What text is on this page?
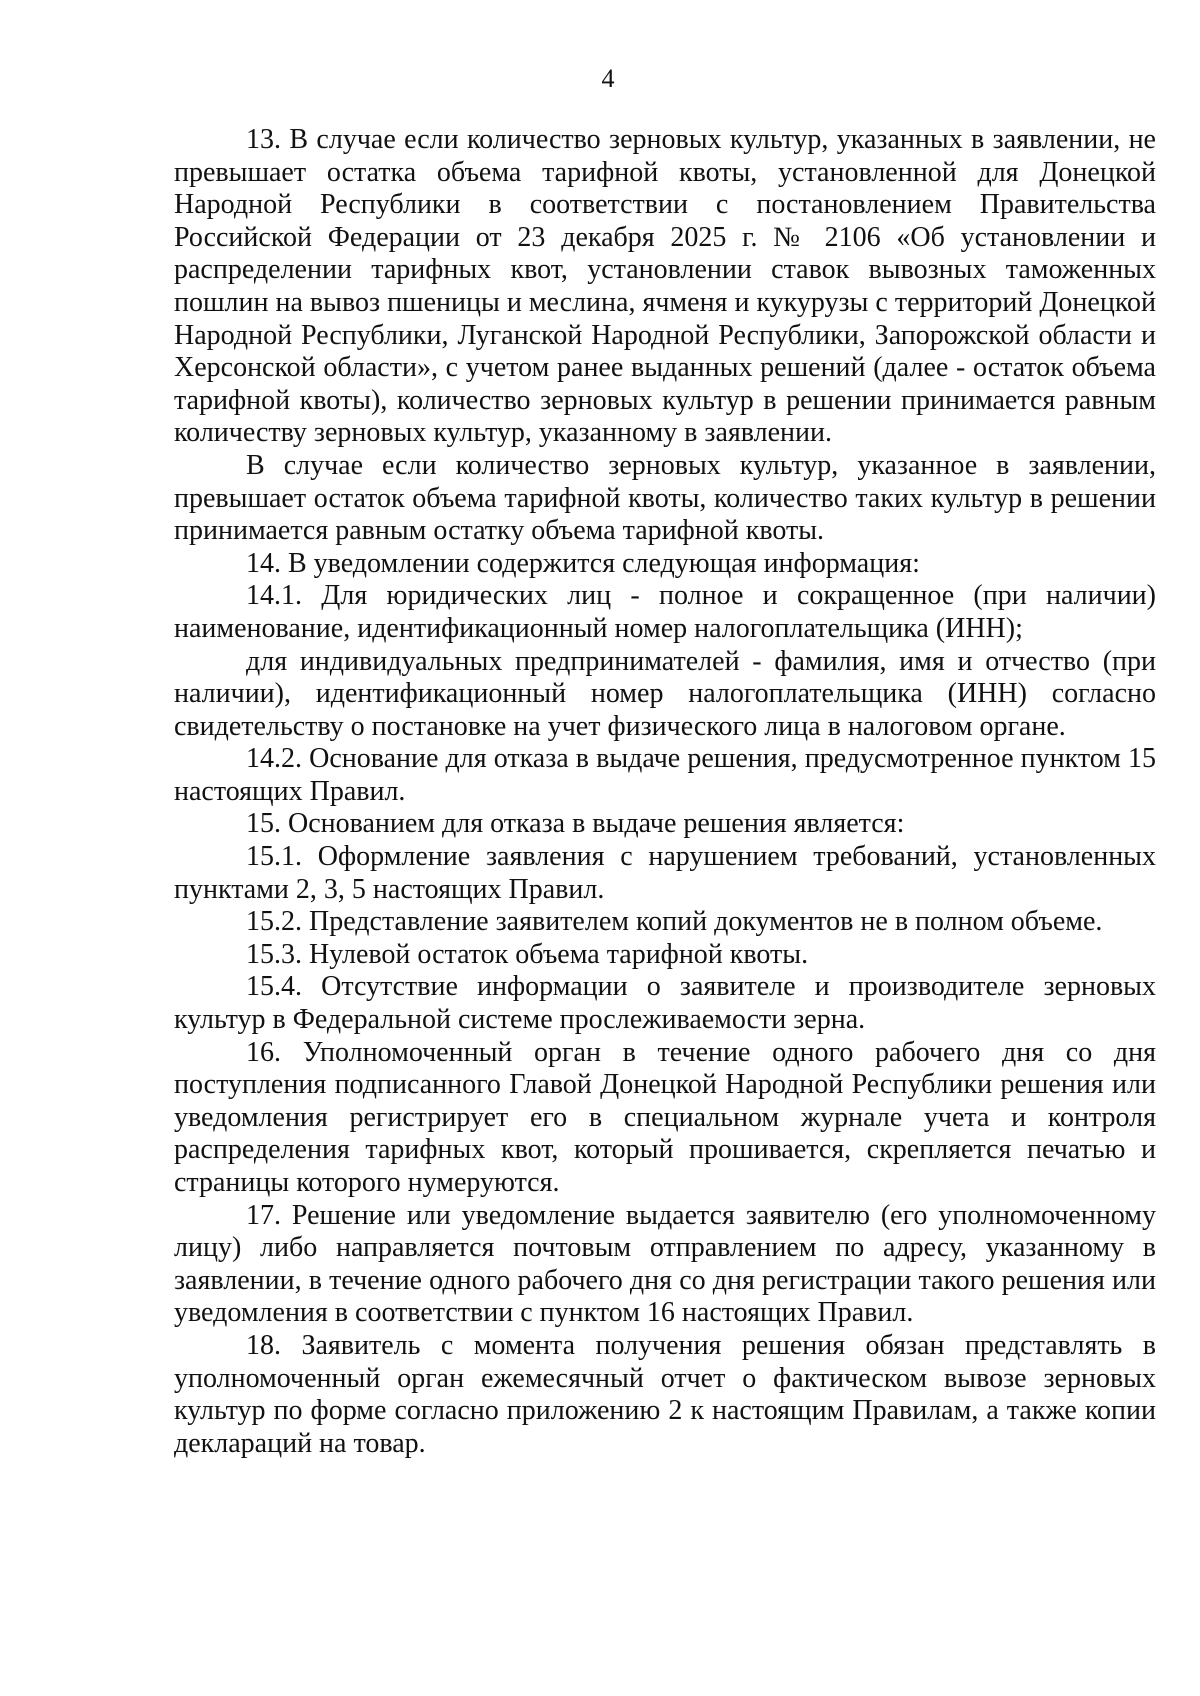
4

13. В случае если количество зерновых культур, указанных в заявлении, не превышает остатка объема тарифной квоты, установленной для Донецкой Народной Республики в соответствии с постановлением Правительства Российской Федерации от 23 декабря 2025 г. № 2106 «Об установлении и распределении тарифных квот, установлении ставок вывозных таможенных пошлин на вывоз пшеницы и меслина, ячменя и кукурузы с территорий Донецкой Народной Республики, Луганской Народной Республики, Запорожской области и Херсонской области», с учетом ранее выданных решений (далее - остаток объема тарифной квоты), количество зерновых культур в решении принимается равным количеству зерновых культур, указанному в заявлении.

В случае если количество зерновых культур, указанное в заявлении, превышает остаток объема тарифной квоты, количество таких культур в решении принимается равным остатку объема тарифной квоты.

14. В уведомлении содержится следующая информация:

14.1. Для юридических лиц - полное и сокращенное (при наличии) наименование, идентификационный номер налогоплательщика (ИНН);

для индивидуальных предпринимателей - фамилия, имя и отчество (при наличии), идентификационный номер налогоплательщика (ИНН) согласно свидетельству о постановке на учет физического лица в налоговом органе.

14.2. Основание для отказа в выдаче решения, предусмотренное пунктом 15 настоящих Правил.

15. Основанием для отказа в выдаче решения является:

15.1. Оформление заявления с нарушением требований, установленных пунктами 2, 3, 5 настоящих Правил.

15.2. Представление заявителем копий документов не в полном объеме.

15.3. Нулевой остаток объема тарифной квоты.

15.4. Отсутствие информации о заявителе и производителе зерновых культур в Федеральной системе прослеживаемости зерна.

16. Уполномоченный орган в течение одного рабочего дня со дня поступления подписанного Главой Донецкой Народной Республики решения или уведомления регистрирует его в специальном журнале учета и контроля распределения тарифных квот, который прошивается, скрепляется печатью и страницы которого нумеруются.

17. Решение или уведомление выдается заявителю (его уполномоченному лицу) либо направляется почтовым отправлением по адресу, указанному в заявлении, в течение одного рабочего дня со дня регистрации такого решения или уведомления в соответствии с пунктом 16 настоящих Правил.

18. Заявитель с момента получения решения обязан представлять в уполномоченный орган ежемесячный отчет о фактическом вывозе зерновых культур по форме согласно приложению 2 к настоящим Правилам, а также копии деклараций на товар.
